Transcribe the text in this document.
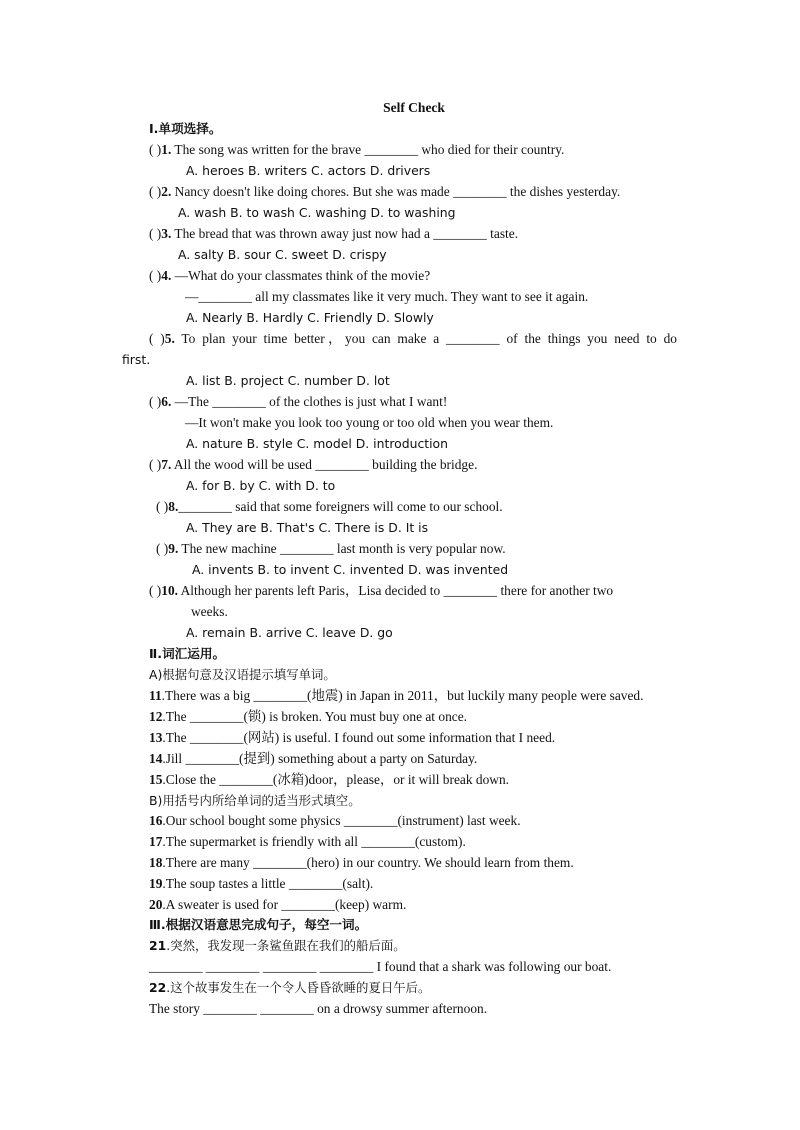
Self Check
Ⅰ.单项选择。
( )1. The song was written for the brave ________ who died for their country.
A. heroes B. writers C. actors D. drivers
( )2. Nancy doesn't like doing chores. But she was made ________ the dishes yesterday.
A. wash B. to wash C. washing D. to washing
( )3. The bread that was thrown away just now had a ________ taste.
A. salty B. sour C. sweet D. crispy
( )4. —What do your classmates think of the movie?
—________ all my classmates like it very much. They want to see it again.
A. Nearly B. Hardly C. Friendly D. Slowly
( )5. To plan your time better，you can make a ________ of the things you need to do
first.
A. list B. project C. number D. lot
( )6. —The ________ of the clothes is just what I want!
—It won't make you look too young or too old when you wear them.
A. nature B. style C. model D. introduction
( )7. All the wood will be used ________ building the bridge.
A. for B. by C. with D. to
( )8.________ said that some foreigners will come to our school.
A. They are B. That's C. There is D. It is
( )9. The new machine ________ last month is very popular now.
A. invents B. to invent C. invented D. was invented
( )10. Although her parents left Paris，Lisa decided to ________ there for another two
weeks.
A. remain B. arrive C. leave D. go
Ⅱ.词汇运用。
A)根据句意及汉语提示填写单词。
11.There was a big ________(地震) in Japan in 2011，but luckily many people were saved.
12.The ________(锁) is broken. You must buy one at once.
13.The ________(网站) is useful. I found out some information that I need.
14.Jill ________(提到) something about a party on Saturday.
15.Close the ________(冰箱)door，please，or it will break down.
B)用括号内所给单词的适当形式填空。
16.Our school bought some physics ________(instrument) last week.
17.The supermarket is friendly with all ________(custom).
18.There are many ________(hero) in our country. We should learn from them.
19.The soup tastes a little ________(salt).
20.A sweater is used for ________(keep) warm.
Ⅲ.根据汉语意思完成句子，每空一词。
21.突然，我发现一条鲨鱼跟在我们的船后面。
________ ________ ________ ________ I found that a shark was following our boat.
22.这个故事发生在一个令人昏昏欲睡的夏日午后。
The story ________ ________ on a drowsy summer afternoon.
